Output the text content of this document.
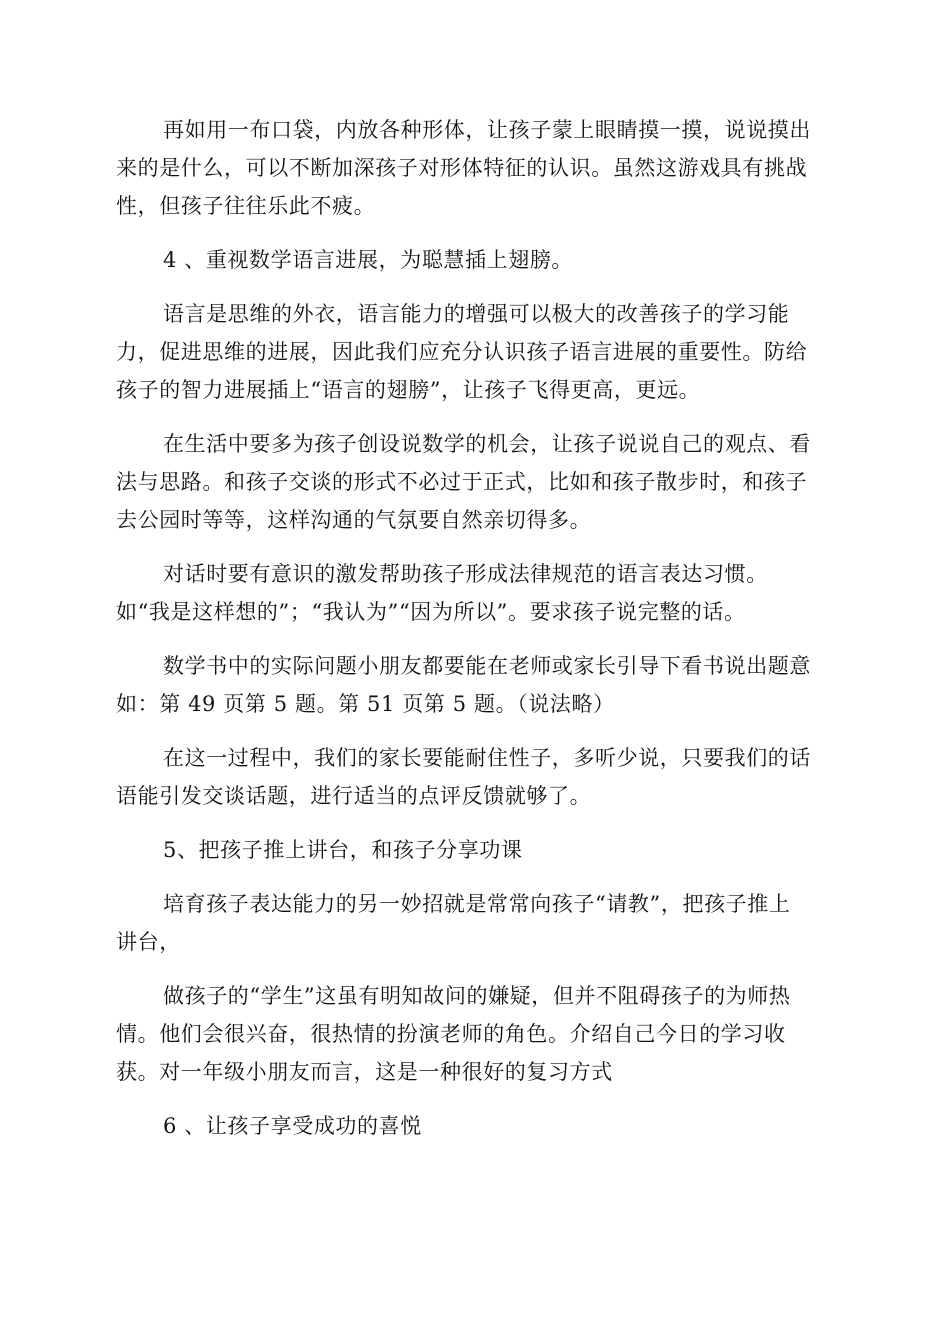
再如用一布口袋，内放各种形体，让孩子蒙上眼睛摸一摸，说说摸出
来的是什么，可以不断加深孩子对形体特征的认识。虽然这游戏具有挑战
性，但孩子往往乐此不疲。
4 、重视数学语言进展，为聪慧插上翅膀。
语言是思维的外衣，语言能力的增强可以极大的改善孩子的学习能
力，促进思维的进展，因此我们应充分认识孩子语言进展的重要性。防给
孩子的智力进展插上“语言的翅膀”，让孩子飞得更高，更远。
在生活中要多为孩子创设说数学的机会，让孩子说说自己的观点、看
法与思路。和孩子交谈的形式不必过于正式，比如和孩子散步时，和孩子
去公园时等等，这样沟通的气氛要自然亲切得多。
对话时要有意识的激发帮助孩子形成法律规范的语言表达习惯。
如“我是这样想的”；“我认为”“因为所以”。要求孩子说完整的话。
数学书中的实际问题小朋友都要能在老师或家长引导下看书说出题意
如：第 49 页第 5 题。第 51 页第 5 题。（说法略）
在这一过程中，我们的家长要能耐住性子，多听少说，只要我们的话
语能引发交谈话题，进行适当的点评反馈就够了。
5、把孩子推上讲台，和孩子分享功课
培育孩子表达能力的另一妙招就是常常向孩子“请教”，把孩子推上
讲台，
做孩子的“学生”这虽有明知故问的嫌疑，但并不阻碍孩子的为师热
情。他们会很兴奋，很热情的扮演老师的角色。介绍自己今日的学习收
获。对一年级小朋友而言，这是一种很好的复习方式
6 、让孩子享受成功的喜悦
